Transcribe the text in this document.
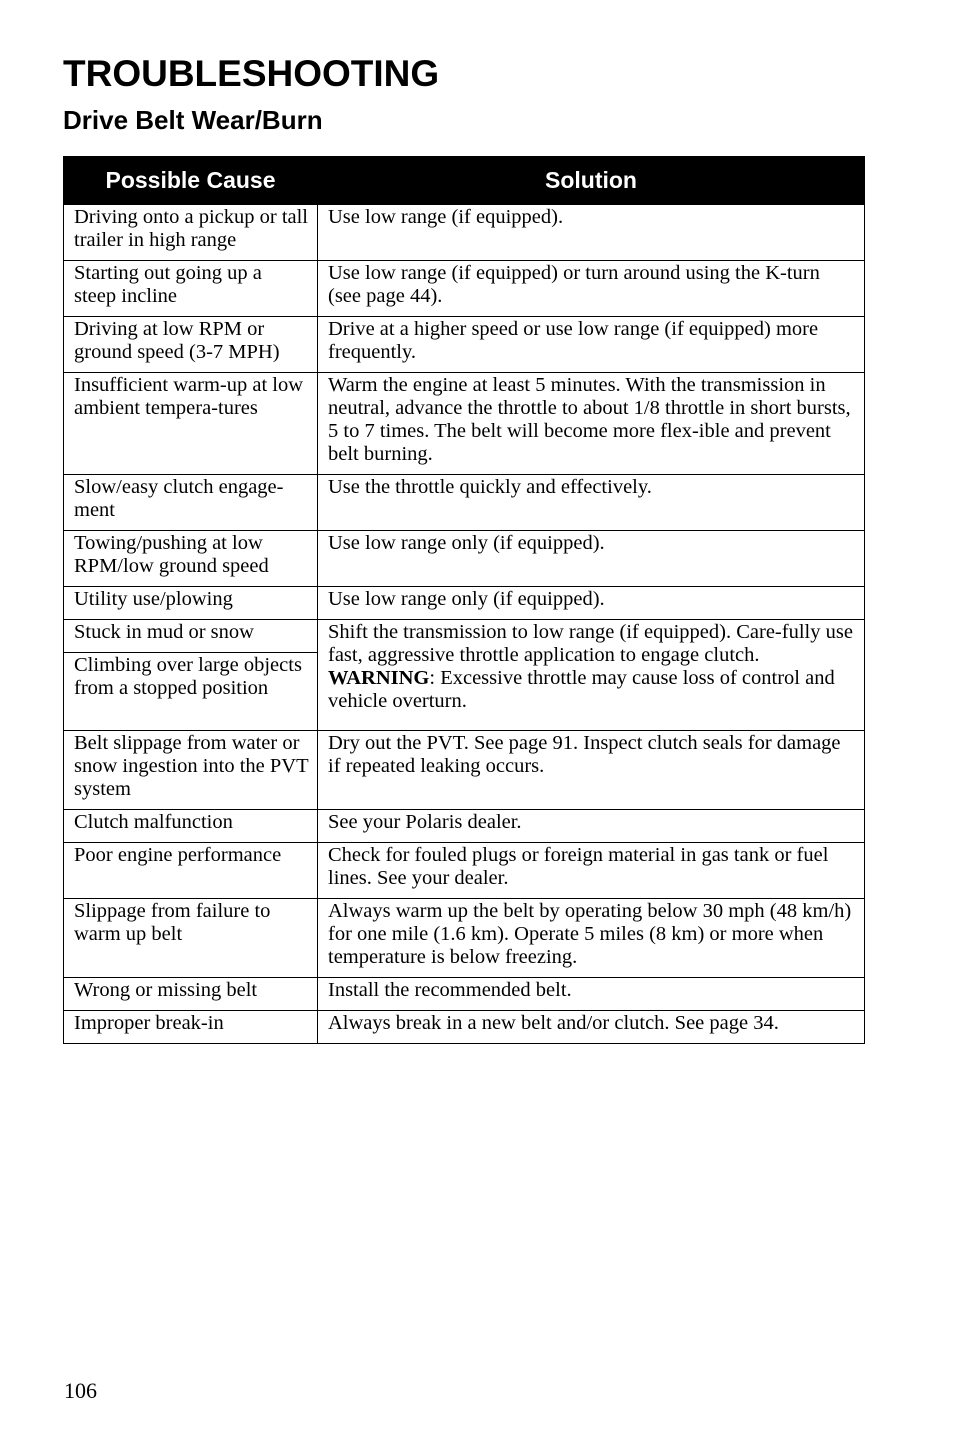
TROUBLESHOOTING
Drive Belt Wear/Burn
Possible Cause	Solution
Driving onto a pickup or tall trailer in high range	Use low range (if equipped).
Starting out going up a steep incline	Use low range (if equipped) or turn around using the K-turn (see page 44).
Driving at low RPM or ground speed (3-7 MPH)	Drive at a higher speed or use low range (if equipped) more frequently.
Insufficient warm-up at low ambient tempera-tures	Warm the engine at least 5 minutes. With the transmission in neutral, advance the throttle to about 1/8 throttle in short bursts, 5 to 7 times. The belt will become more flex-ible and prevent belt burning.
Slow/easy clutch engage-ment	Use the throttle quickly and effectively.
Towing/pushing at low RPM/low ground speed	Use low range only (if equipped).
Utility use/plowing	Use low range only (if equipped).
Stuck in mud or snow	Shift the transmission to low range (if equipped). Care-fully use fast, aggressive throttle application to engage clutch. WARNING: Excessive throttle may cause loss of control and vehicle overturn.
Climbing over large objects from a stopped position	
Belt slippage from water or snow ingestion into the PVT system	Dry out the PVT. See page 91. Inspect clutch seals for damage if repeated leaking occurs.
Clutch malfunction	See your Polaris dealer.
Poor engine performance	Check for fouled plugs or foreign material in gas tank or fuel lines. See your dealer.
Slippage from failure to warm up belt	Always warm up the belt by operating below 30 mph (48 km/h) for one mile (1.6 km). Operate 5 miles (8 km) or more when temperature is below freezing.
Wrong or missing belt	Install the recommended belt.
Improper break-in	Always break in a new belt and/or clutch. See page 34.
106
